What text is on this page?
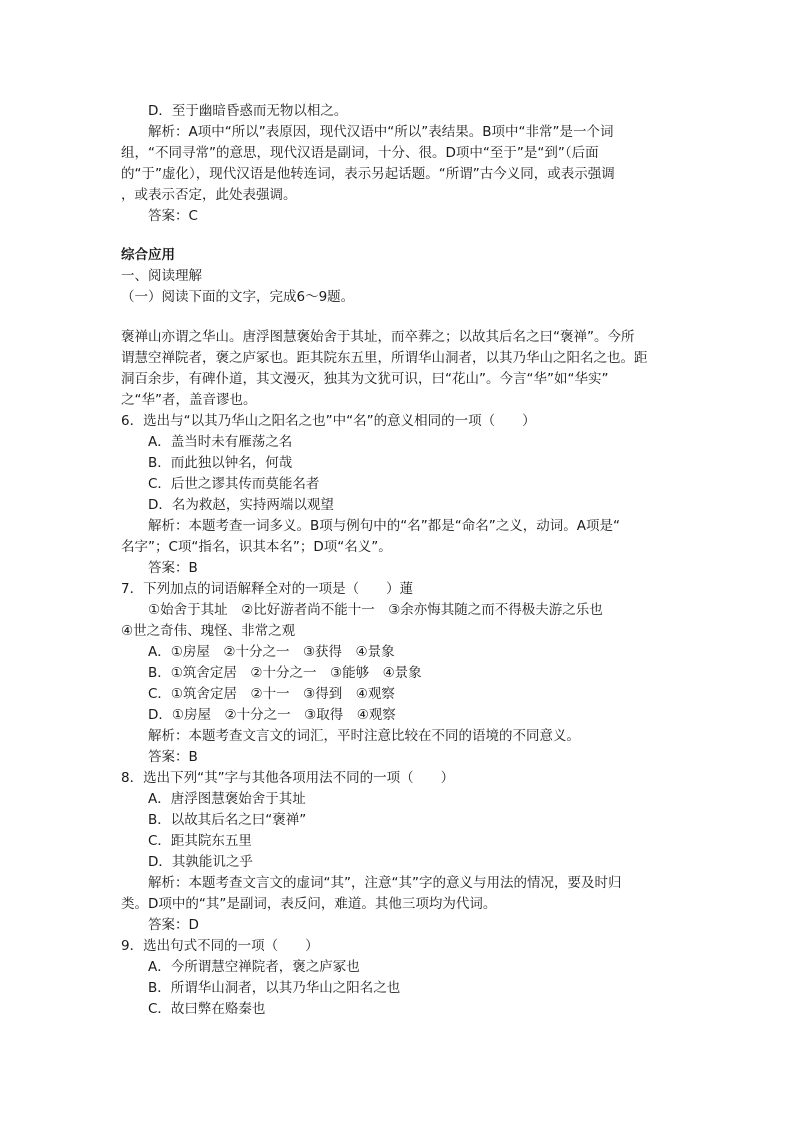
D．至于幽暗昏惑而无物以相之。
解析：A项中“所以”表原因，现代汉语中“所以”表结果。B项中“非常”是一个词
组，“不同寻常”的意思，现代汉语是副词，十分、很。D项中“至于”是“到”（后面
的“于”虚化），现代汉语是他转连词，表示另起话题。“所谓”古今义同，或表示强调
，或表示否定，此处表强调。
答案：C
综合应用
一、阅读理解
（一）阅读下面的文字，完成6～9题。
褒禅山亦谓之华山。唐浮图慧褒始舍于其址，而卒葬之；以故其后名之曰“褒禅”。今所
谓慧空禅院者，褒之庐冢也。距其院东五里，所谓华山洞者，以其乃华山之阳名之也。距
洞百余步，有碑仆道，其文漫灭，独其为文犹可识，曰“花山”。今言“华”如“华实”
之“华”者，盖音谬也。
6．选出与“以其乃华山之阳名之也”中“名”的意义相同的一项（　　）
A．盖当时未有雁荡之名
B．而此独以钟名，何哉
C．后世之谬其传而莫能名者
D．名为救赵，实持两端以观望
解析：本题考查一词多义。B项与例句中的“名”都是“命名”之义，动词。A项是“
名字”；C项“指名，识其本名”；D项“名义”。
答案：B
7．下列加点的词语解释全对的一项是（　　）蓮
①始舍于其址　②比好游者尚不能十一　③余亦悔其随之而不得极夫游之乐也
④世之奇伟、瑰怪、非常之观
A．①房屋　②十分之一　③获得　④景象
B．①筑舍定居　②十分之一　③能够　④景象
C．①筑舍定居　②十一　③得到　④观察
D．①房屋　②十分之一　③取得　④观察
解析：本题考查文言文的词汇，平时注意比较在不同的语境的不同意义。
答案：B
8．选出下列“其”字与其他各项用法不同的一项（　　）
A．唐浮图慧褒始舍于其址
B．以故其后名之曰“褒禅”
C．距其院东五里
D．其孰能讥之乎
解析：本题考查文言文的虚词“其”，注意“其”字的意义与用法的情况，要及时归
类。D项中的“其”是副词，表反问，难道。其他三项均为代词。
答案：D
9．选出句式不同的一项（　　）
A．今所谓慧空禅院者，褒之庐冢也
B．所谓华山洞者，以其乃华山之阳名之也
C．故曰弊在赂秦也
